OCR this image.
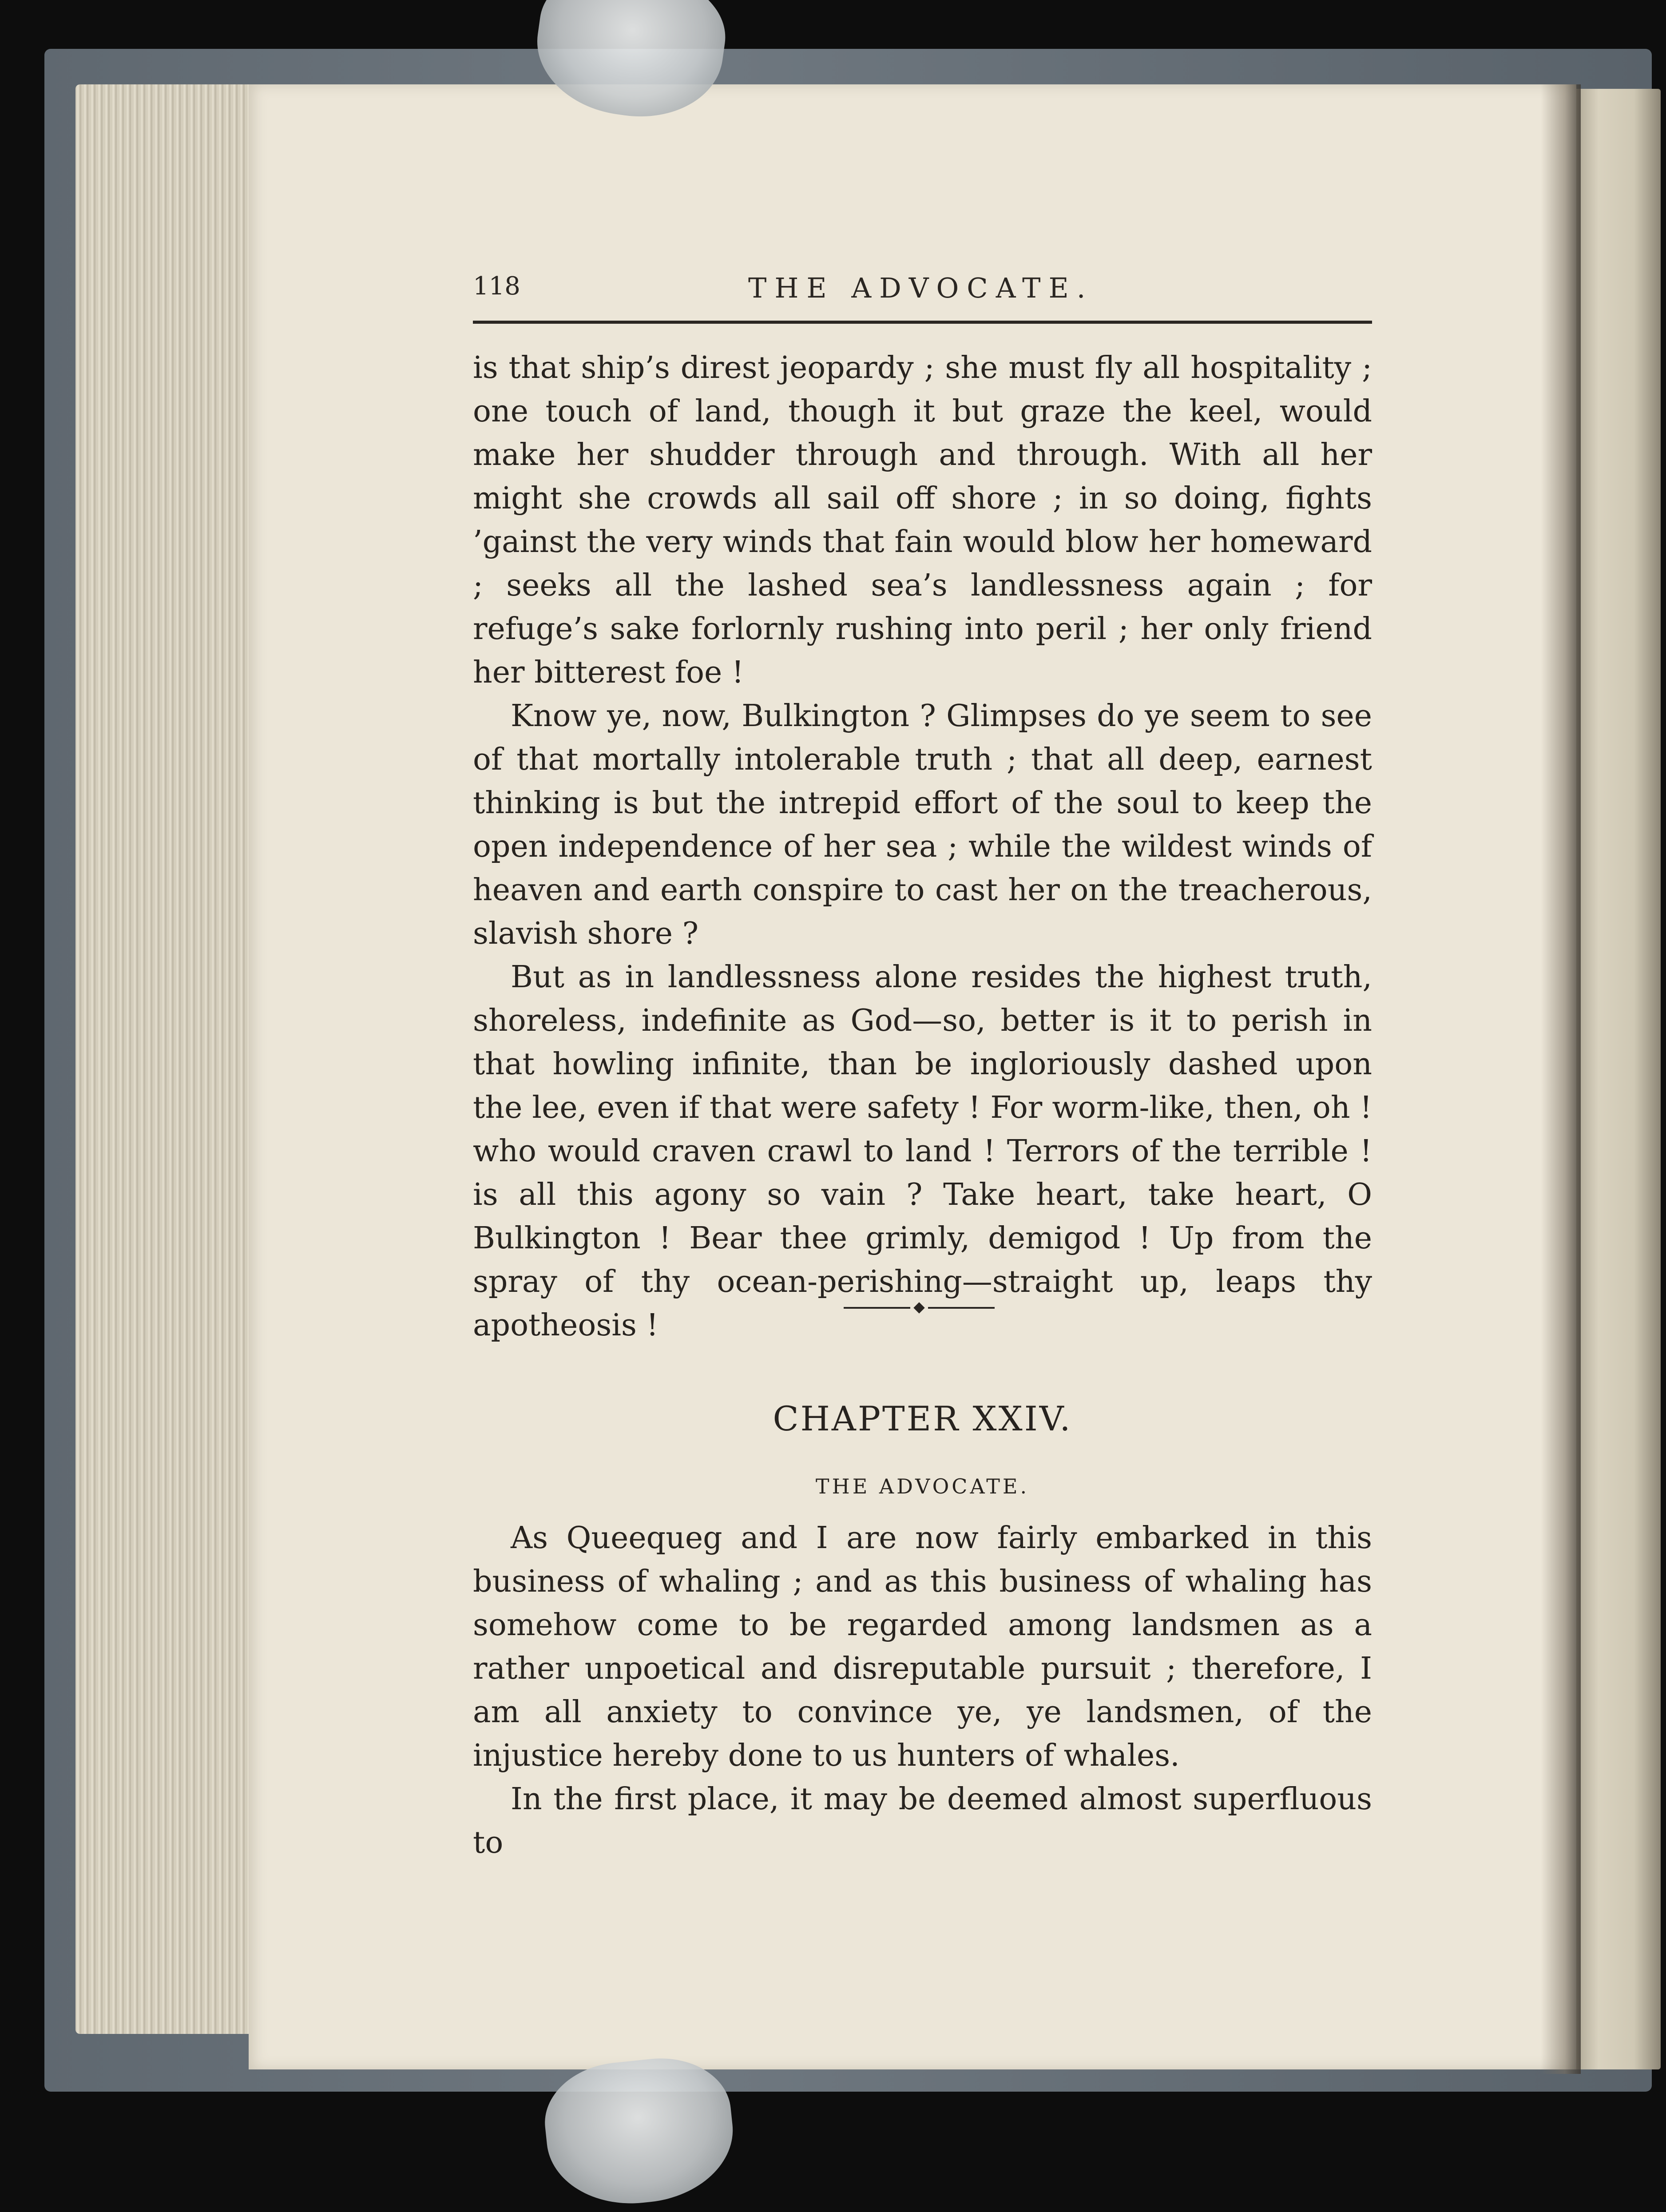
118	THE ADVOCATE.

is that ship’s direst jeopardy ; she must fly all hospitality ; one touch of land, though it but graze the keel, would make her shudder through and through. With all her might she crowds all sail off shore ; in so doing, fights ’gainst the very winds that fain would blow her homeward ; seeks all the lashed sea’s landlessness again ; for refuge’s sake forlornly rushing into peril ; her only friend her bitterest foe !

Know ye, now, Bulkington ? Glimpses do ye seem to see of that mortally intolerable truth ; that all deep, earnest thinking is but the intrepid effort of the soul to keep the open independence of her sea ; while the wildest winds of heaven and earth conspire to cast her on the treacherous, slavish shore ?

But as in landlessness alone resides the highest truth, shoreless, indefinite as God—so, better is it to perish in that howling infinite, than be ingloriously dashed upon the lee, even if that were safety ! For worm-like, then, oh ! who would craven crawl to land ! Terrors of the terrible ! is all this agony so vain ? Take heart, take heart, O Bulkington ! Bear thee grimly, demigod ! Up from the spray of thy ocean-perishing—straight up, leaps thy apotheosis !

CHAPTER XXIV.
THE ADVOCATE.

As Queequeg and I are now fairly embarked in this business of whaling ; and as this business of whaling has somehow come to be regarded among landsmen as a rather unpoetical and disreputable pursuit ; therefore, I am all anxiety to convince ye, ye landsmen, of the injustice hereby done to us hunters of whales.

In the first place, it may be deemed almost superfluous to
